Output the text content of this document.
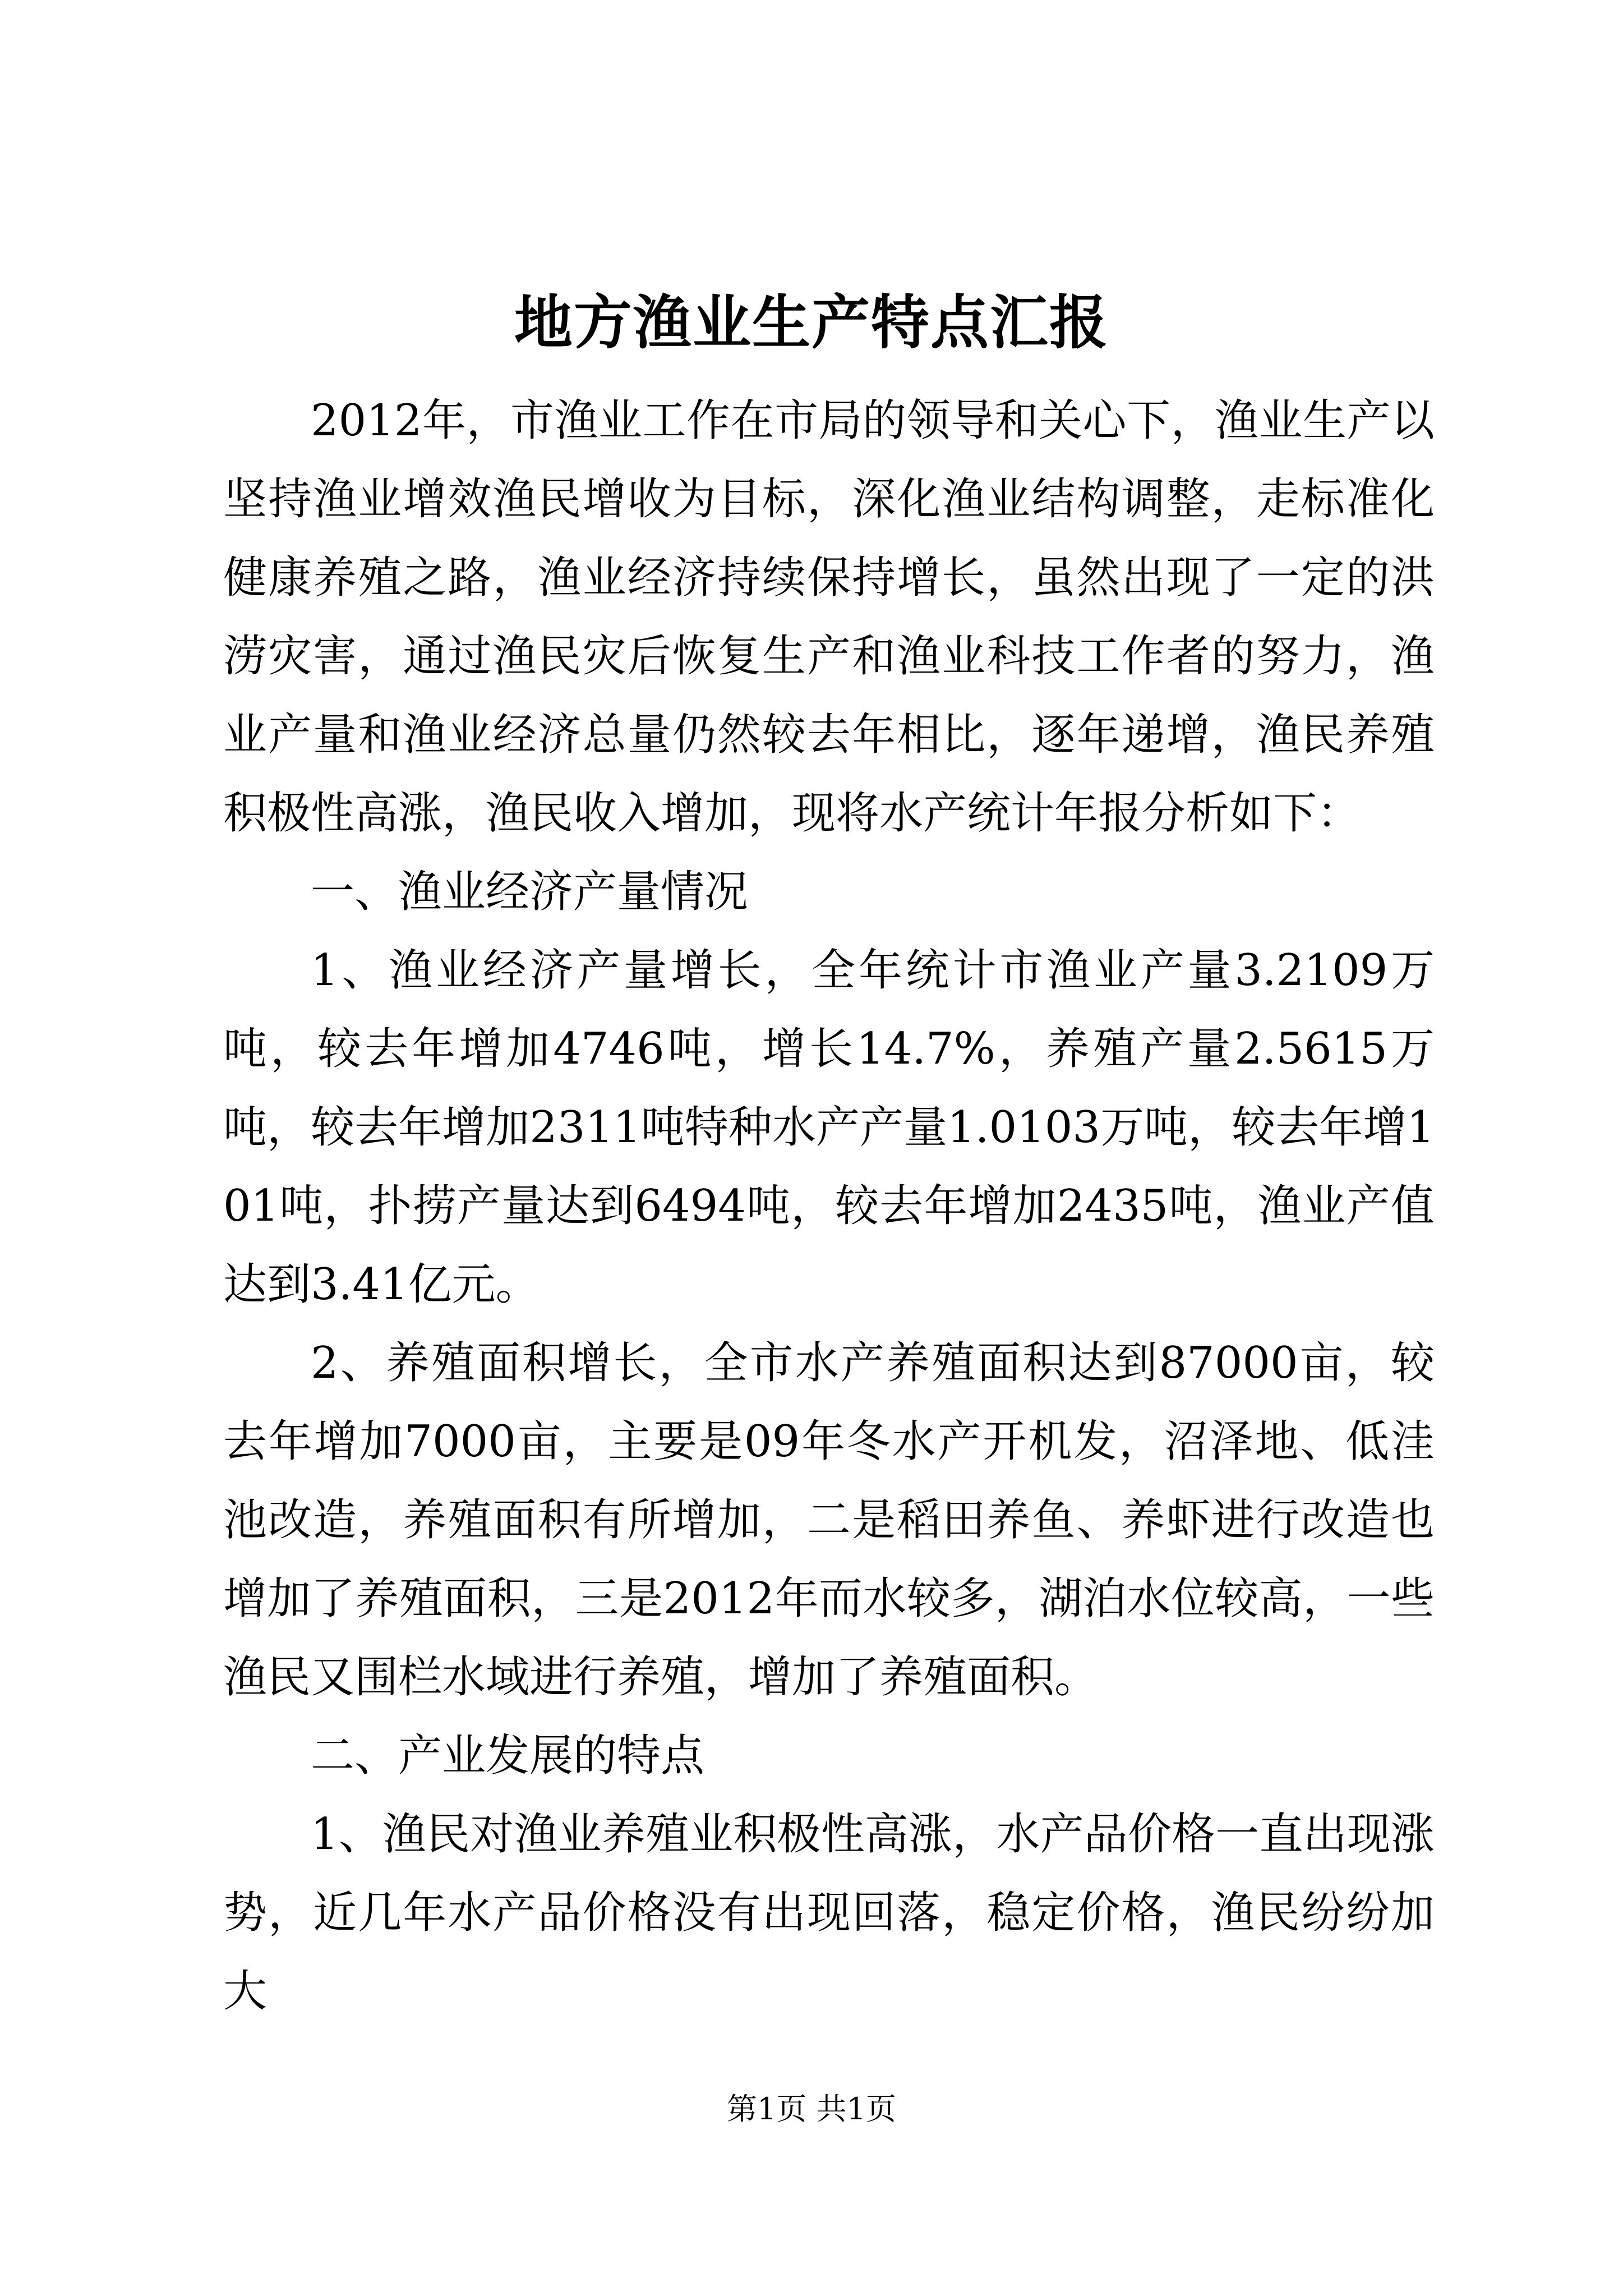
地方渔业生产特点汇报

2012年，市渔业工作在市局的领导和关心下，渔业生产以坚持渔业增效渔民增收为目标，深化渔业结构调整，走标准化健康养殖之路，渔业经济持续保持增长，虽然出现了一定的洪涝灾害，通过渔民灾后恢复生产和渔业科技工作者的努力，渔业产量和渔业经济总量仍然较去年相比，逐年递增，渔民养殖积极性高涨，渔民收入增加，现将水产统计年报分析如下：

一、渔业经济产量情况

1、渔业经济产量增长，全年统计市渔业产量3.2109万吨，较去年增加4746吨，增长14.7%，养殖产量2.5615万吨，较去年增加2311吨特种水产产量1.0103万吨，较去年增101吨，扑捞产量达到6494吨，较去年增加2435吨，渔业产值达到3.41亿元。

2、养殖面积增长，全市水产养殖面积达到87000亩，较去年增加7000亩，主要是09年冬水产开机发，沼泽地、低洼池改造，养殖面积有所增加，二是稻田养鱼、养虾进行改造也增加了养殖面积，三是2012年而水较多，湖泊水位较高，一些渔民又围栏水域进行养殖，增加了养殖面积。

二、产业发展的特点

1、渔民对渔业养殖业积极性高涨，水产品价格一直出现涨势，近几年水产品价格没有出现回落，稳定价格，渔民纷纷加大

第1页 共1页
